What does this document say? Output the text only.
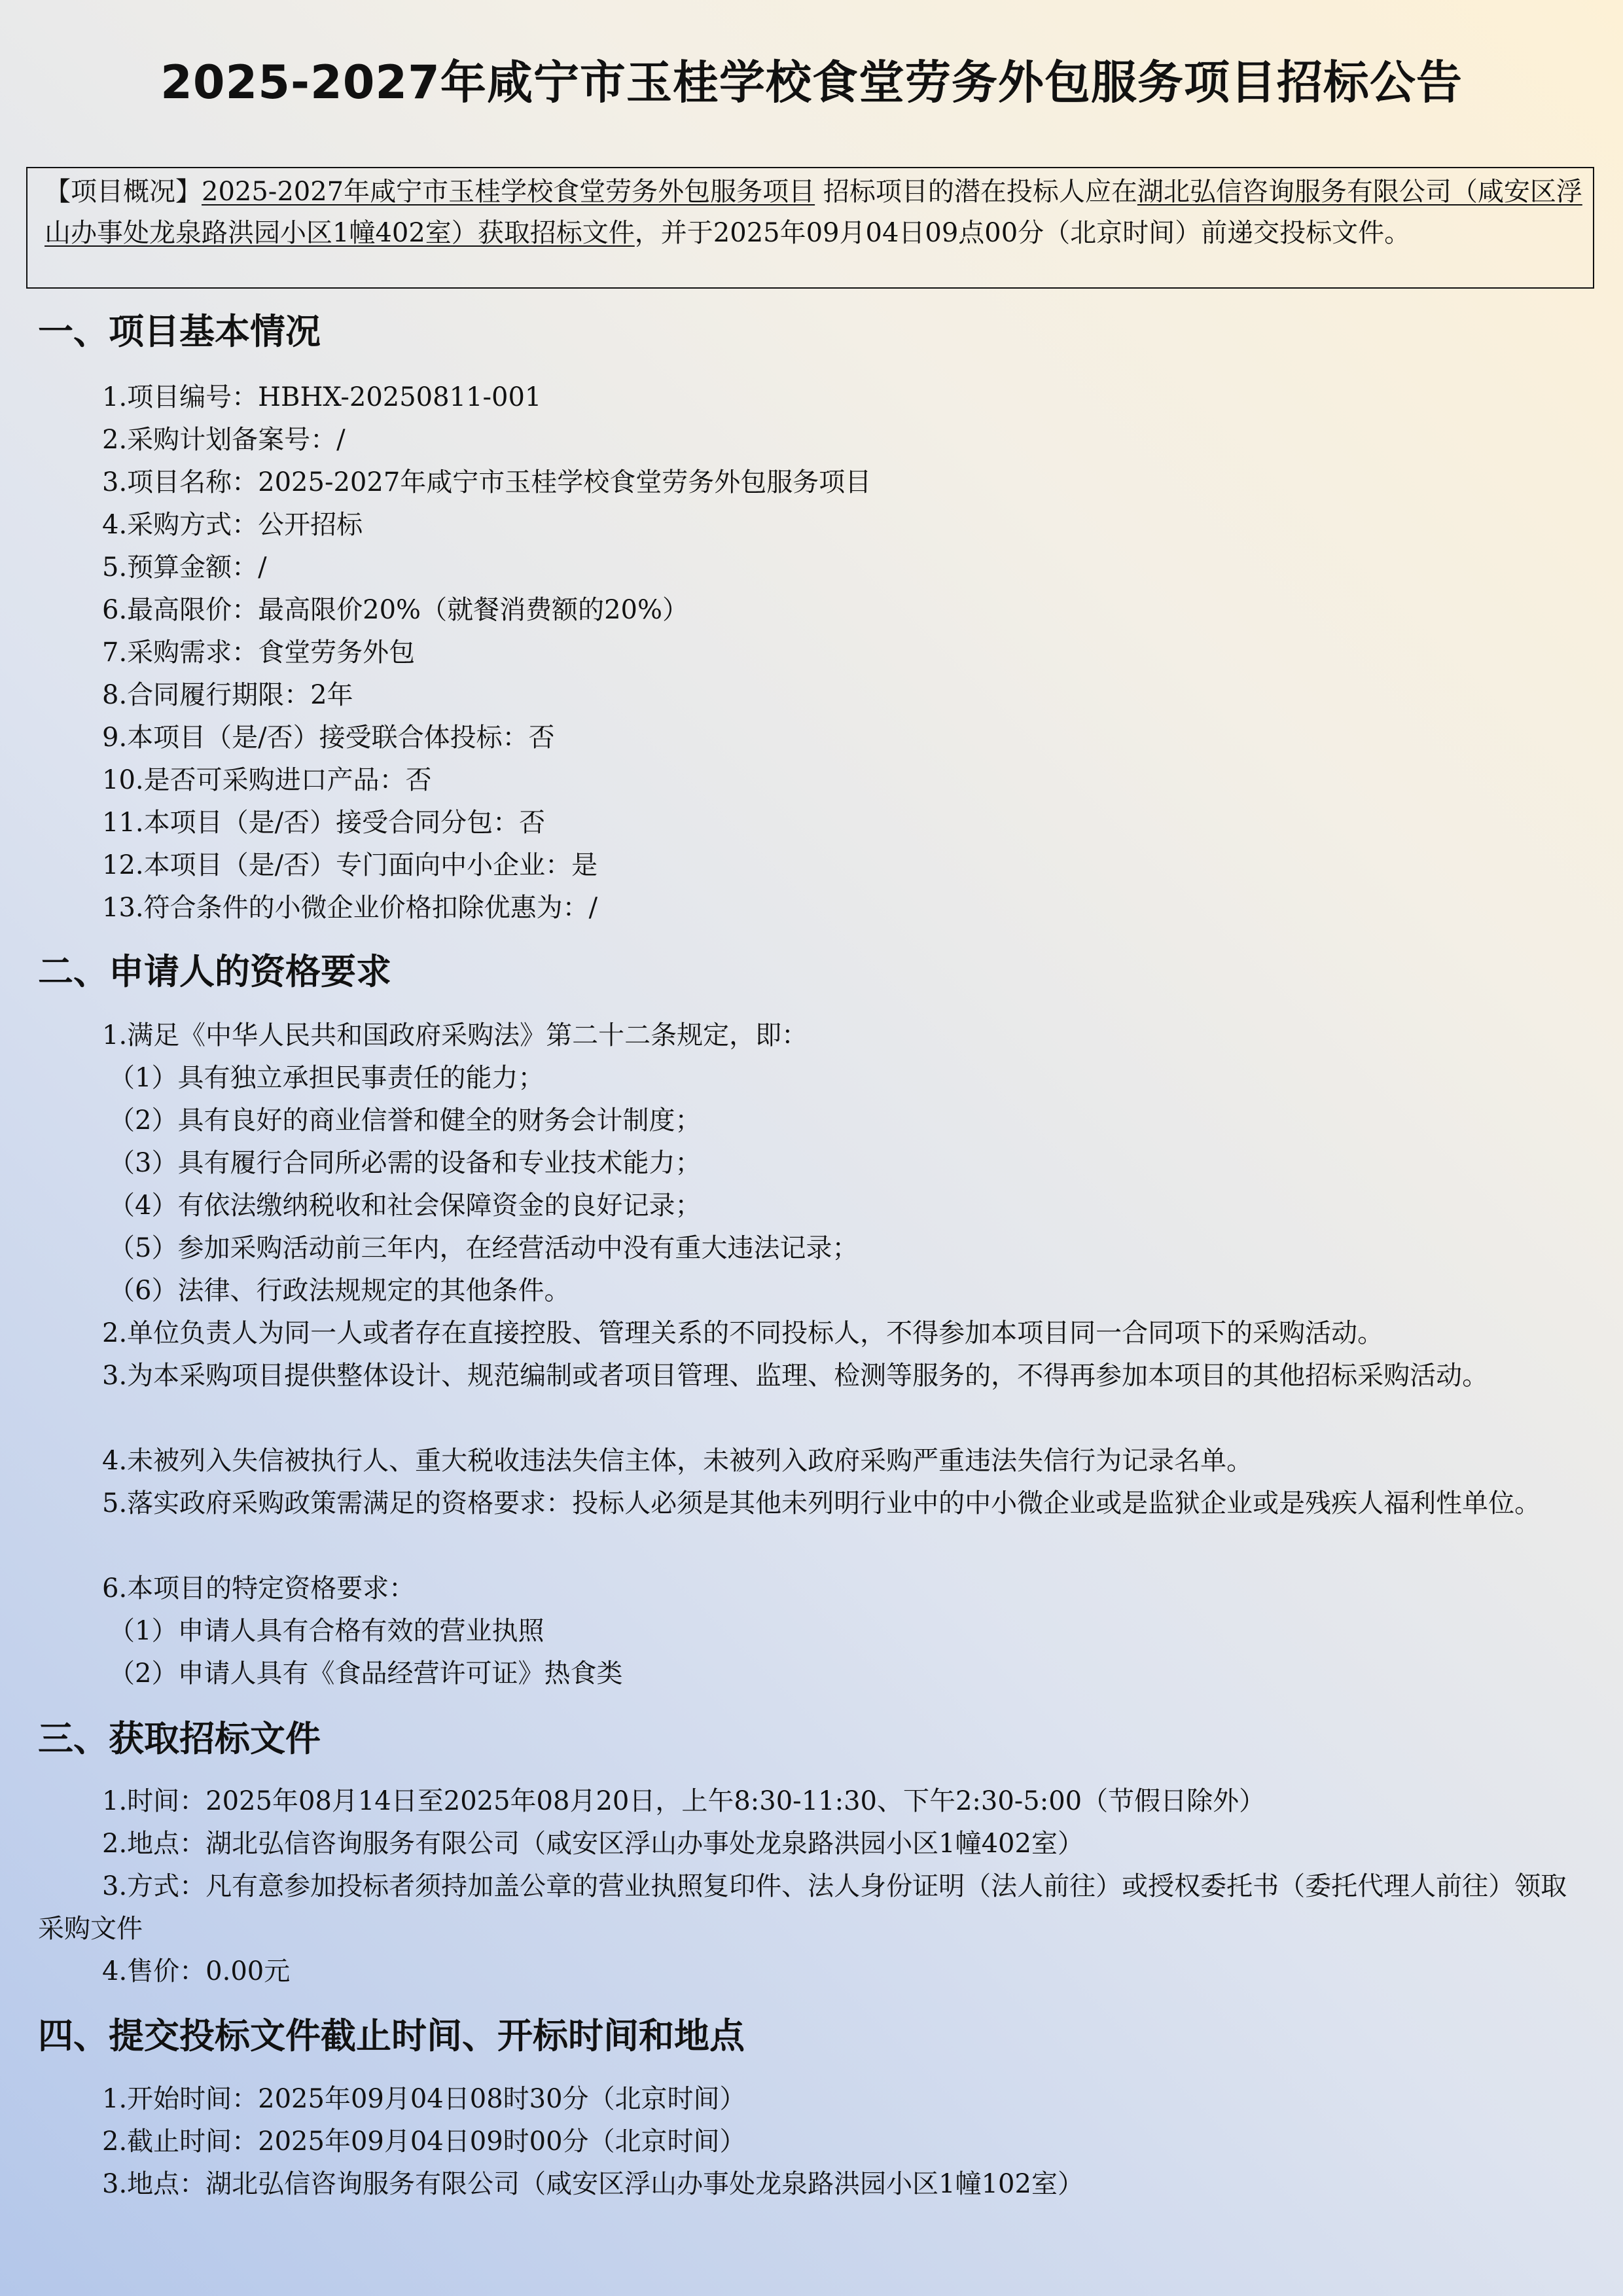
2025-2027年咸宁市玉桂学校食堂劳务外包服务项目招标公告
【项目概况】2025-2027年咸宁市玉桂学校食堂劳务外包服务项目 招标项目的潜在投标人应在湖北弘信咨询服务有限公司（咸安区浮山办事处龙泉路洪园小区1幢402室）获取招标文件，并于2025年09月04日09点00分（北京时间）前递交投标文件。
一、项目基本情况
1.项目编号：HBHX-20250811-001
2.采购计划备案号：/
3.项目名称：2025-2027年咸宁市玉桂学校食堂劳务外包服务项目
4.采购方式：公开招标
5.预算金额：/
6.最高限价：最高限价20%（就餐消费额的20%）
7.采购需求：食堂劳务外包
8.合同履行期限：2年
9.本项目（是/否）接受联合体投标：否
10.是否可采购进口产品：否
11.本项目（是/否）接受合同分包：否
12.本项目（是/否）专门面向中小企业：是
13.符合条件的小微企业价格扣除优惠为：/
二、申请人的资格要求
1.满足《中华人民共和国政府采购法》第二十二条规定，即：
（1）具有独立承担民事责任的能力；
（2）具有良好的商业信誉和健全的财务会计制度；
（3）具有履行合同所必需的设备和专业技术能力；
（4）有依法缴纳税收和社会保障资金的良好记录；
（5）参加采购活动前三年内，在经营活动中没有重大违法记录；
（6）法律、行政法规规定的其他条件。
2.单位负责人为同一人或者存在直接控股、管理关系的不同投标人，不得参加本项目同一合同项下的采购活动。
3.为本采购项目提供整体设计、规范编制或者项目管理、监理、检测等服务的，不得再参加本项目的其他招标采购活动。
4.未被列入失信被执行人、重大税收违法失信主体，未被列入政府采购严重违法失信行为记录名单。
5.落实政府采购政策需满足的资格要求：投标人必须是其他未列明行业中的中小微企业或是监狱企业或是残疾人福利性单位。
6.本项目的特定资格要求：
（1）申请人具有合格有效的营业执照
（2）申请人具有《食品经营许可证》热食类
三、获取招标文件
1.时间：2025年08月14日至2025年08月20日，上午8:30-11:30、下午2:30-5:00（节假日除外）
2.地点：湖北弘信咨询服务有限公司（咸安区浮山办事处龙泉路洪园小区1幢402室）
3.方式：凡有意参加投标者须持加盖公章的营业执照复印件、法人身份证明（法人前往）或授权委托书（委托代理人前往）领取采购文件
4.售价：0.00元
四、提交投标文件截止时间、开标时间和地点
1.开始时间：2025年09月04日08时30分（北京时间）
2.截止时间：2025年09月04日09时00分（北京时间）
3.地点：湖北弘信咨询服务有限公司（咸安区浮山办事处龙泉路洪园小区1幢102室）
